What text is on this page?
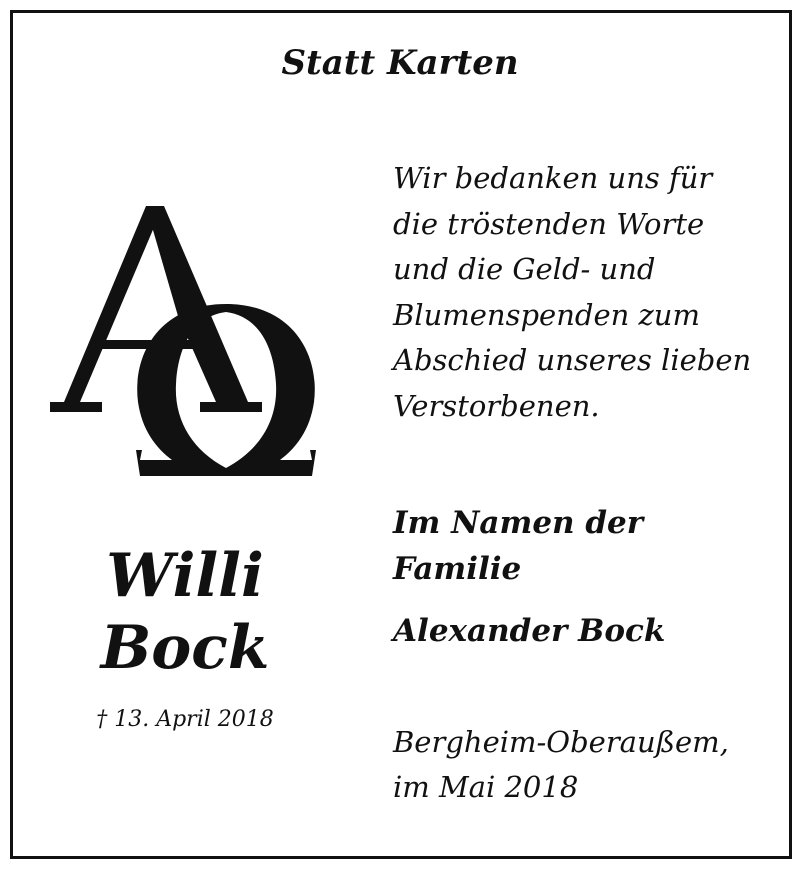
Statt Karten
Willi
Bock
† 13. April 2018
Wir bedanken uns für
die tröstenden Worte
und die Geld- und
Blumenspenden zum
Abschied unseres lieben
Verstorbenen.
Im Namen der
Familie
Alexander Bock
Bergheim-Oberaußem,
im Mai 2018
